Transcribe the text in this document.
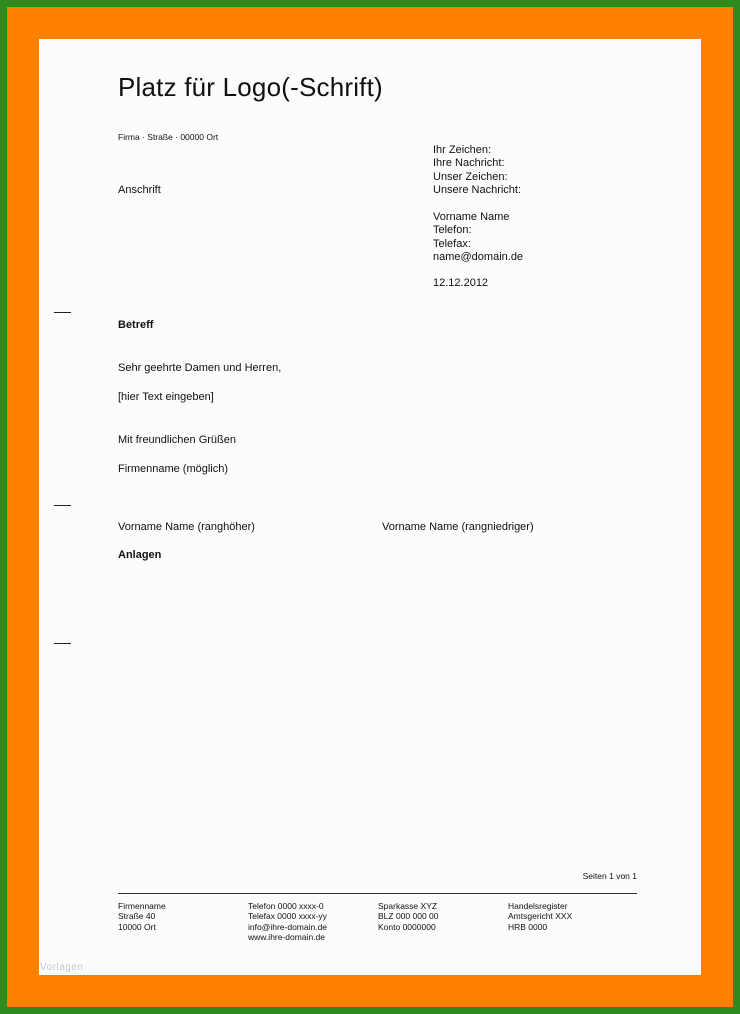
Platz für Logo(-Schrift)
Firma · Straße · 00000 Ort
Anschrift
Ihr Zeichen:
Ihre Nachricht:
Unser Zeichen:
Unsere Nachricht:
Vorname Name
Telefon:
Telefax:
name@domain.de
12.12.2012
Betreff
Sehr geehrte Damen und Herren,
[hier Text eingeben]
Mit freundlichen Grüßen
Firmenname (möglich)
Vorname Name (ranghöher)	Vorname Name (rangniedriger)
Anlagen
Seiten 1 von 1
Firmenname
Straße 40
10000 Ort
Telefon 0000 xxxx-0
Telefax 0000 xxxx-yy
info@ihre-domain.de
www.ihre-domain.de
Sparkasse XYZ
BLZ 000 000 00
Konto 0000000
Handelsregister
Amtsgericht XXX
HRB 0000
Vorlagen
